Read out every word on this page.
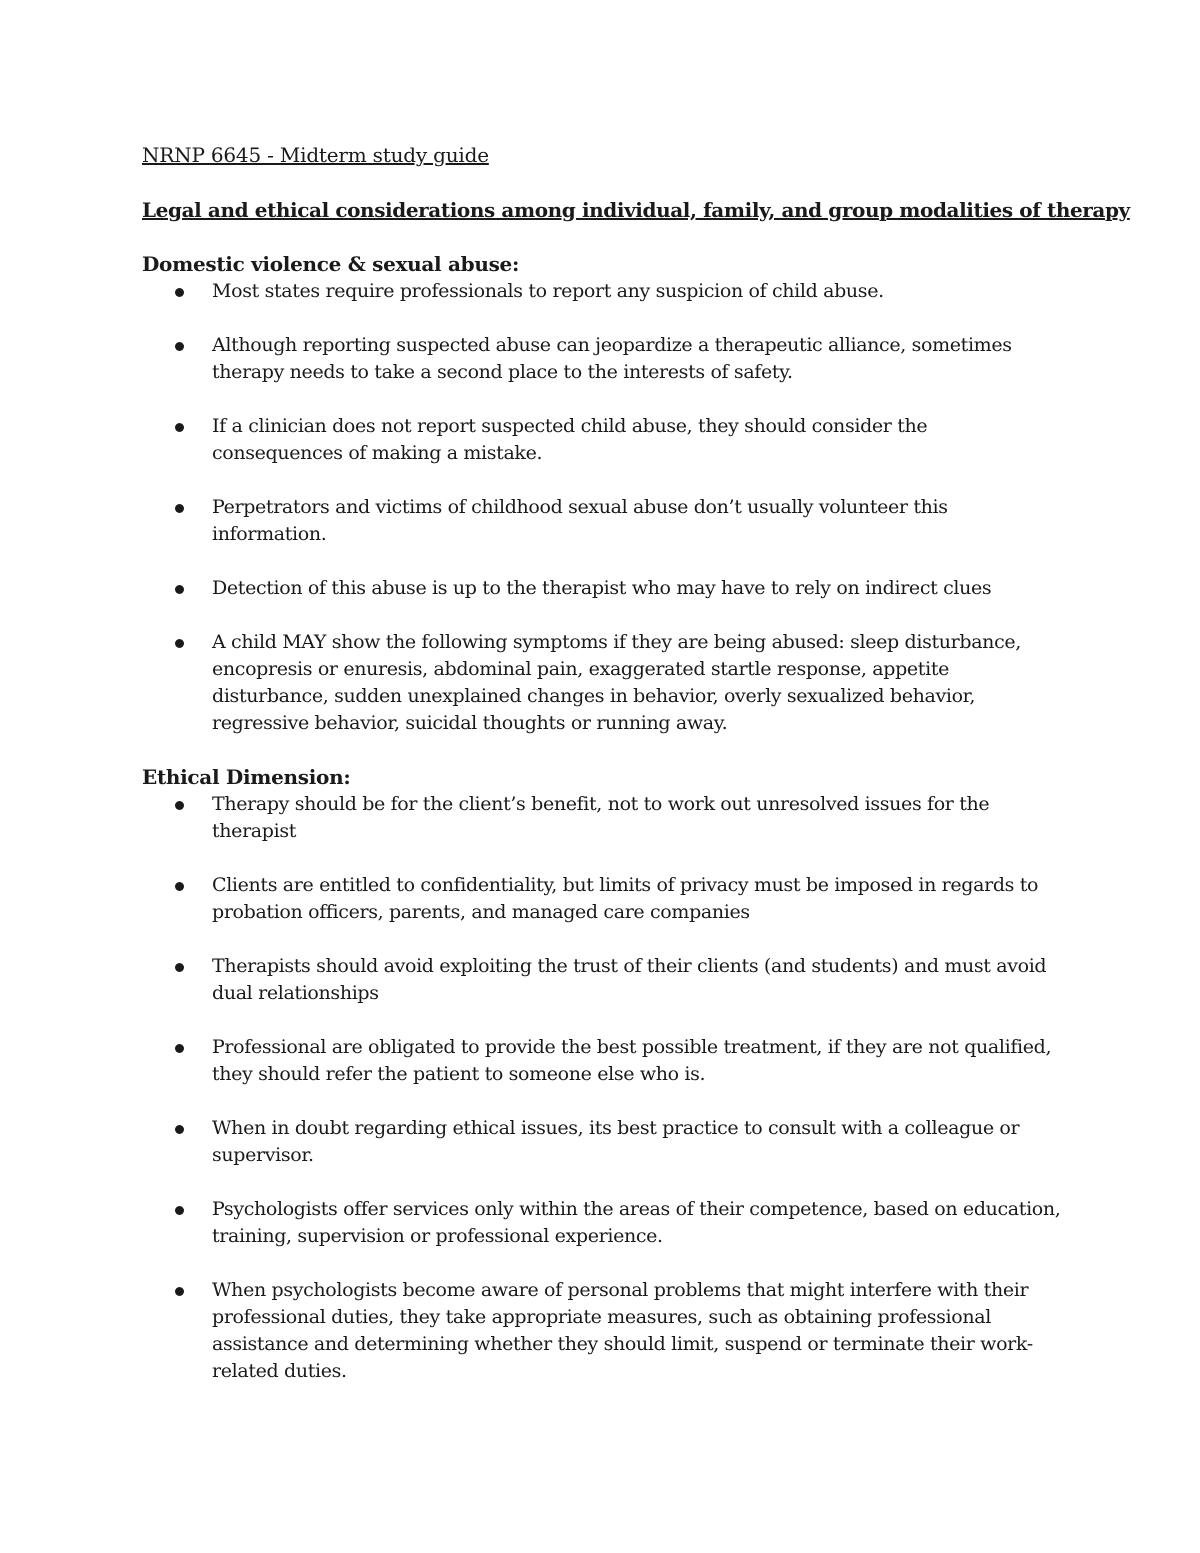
NRNP 6645 - Midterm study guide
Legal and ethical considerations among individual, family, and group modalities of therapy
Domestic violence & sexual abuse:
Most states require professionals to report any suspicion of child abuse.
Although reporting suspected abuse can jeopardize a therapeutic alliance, sometimes therapy needs to take a second place to the interests of safety.
If a clinician does not report suspected child abuse, they should consider the consequences of making a mistake.
Perpetrators and victims of childhood sexual abuse don’t usually volunteer this information.
Detection of this abuse is up to the therapist who may have to rely on indirect clues
A child MAY show the following symptoms if they are being abused: sleep disturbance, encopresis or enuresis, abdominal pain, exaggerated startle response, appetite disturbance, sudden unexplained changes in behavior, overly sexualized behavior, regressive behavior, suicidal thoughts or running away.
Ethical Dimension:
Therapy should be for the client’s benefit, not to work out unresolved issues for the therapist
Clients are entitled to confidentiality, but limits of privacy must be imposed in regards to probation officers, parents, and managed care companies
Therapists should avoid exploiting the trust of their clients (and students) and must avoid dual relationships
Professional are obligated to provide the best possible treatment, if they are not qualified, they should refer the patient to someone else who is.
When in doubt regarding ethical issues, its best practice to consult with a colleague or supervisor.
Psychologists offer services only within the areas of their competence, based on education, training, supervision or professional experience.
When psychologists become aware of personal problems that might interfere with their professional duties, they take appropriate measures, such as obtaining professional assistance and determining whether they should limit, suspend or terminate their work-related duties.
